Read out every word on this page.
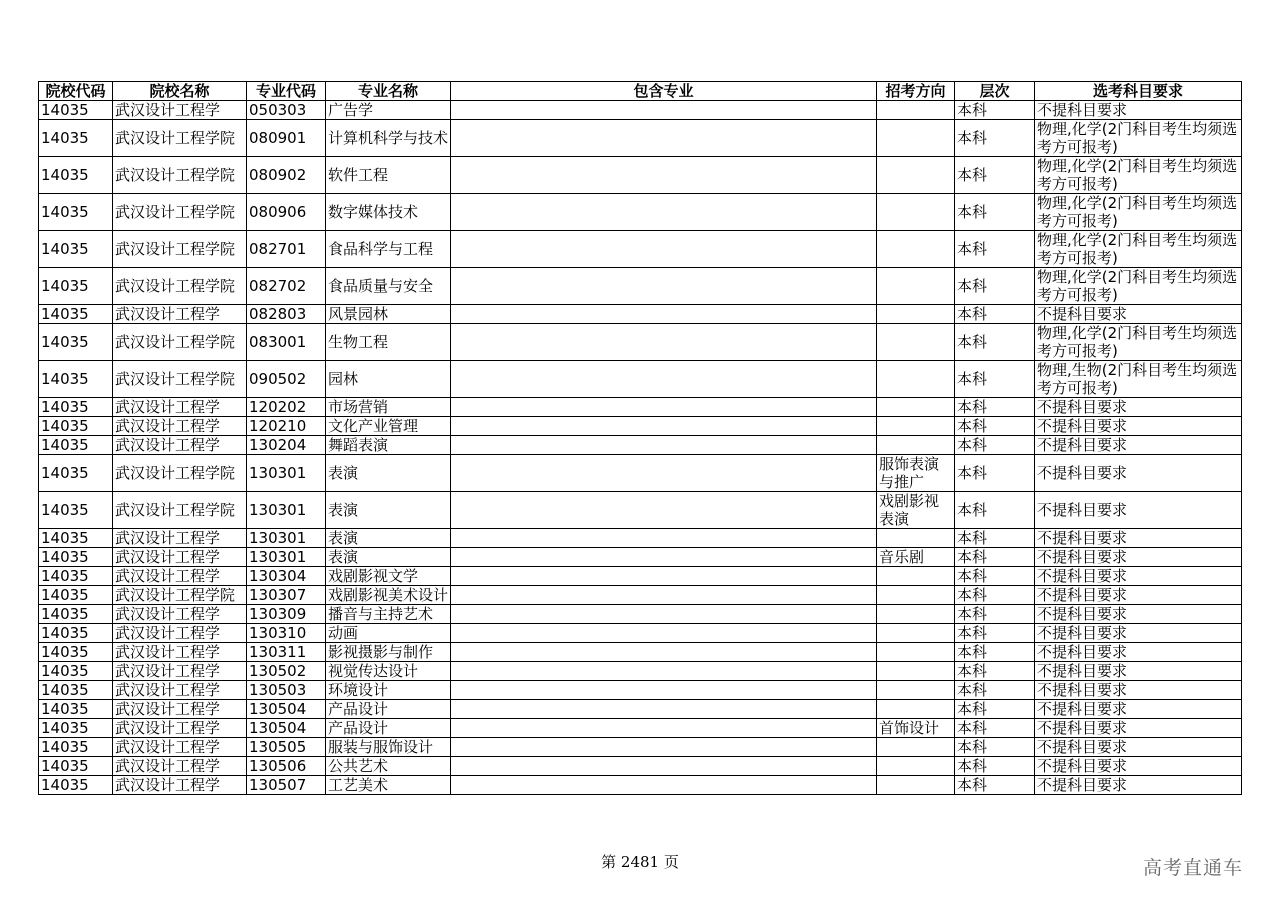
院校代码	院校名称	专业代码	专业名称	包含专业	招考方向	层次	选考科目要求
14035	武汉设计工程学	050303	广告学			本科	不提科目要求
14035	武汉设计工程学院	080901	计算机科学与技术			本科	物理,化学(2门科目考生均须选考方可报考)
14035	武汉设计工程学院	080902	软件工程			本科	物理,化学(2门科目考生均须选考方可报考)
14035	武汉设计工程学院	080906	数字媒体技术			本科	物理,化学(2门科目考生均须选考方可报考)
14035	武汉设计工程学院	082701	食品科学与工程			本科	物理,化学(2门科目考生均须选考方可报考)
14035	武汉设计工程学院	082702	食品质量与安全			本科	物理,化学(2门科目考生均须选考方可报考)
14035	武汉设计工程学	082803	风景园林			本科	不提科目要求
14035	武汉设计工程学院	083001	生物工程			本科	物理,化学(2门科目考生均须选考方可报考)
14035	武汉设计工程学院	090502	园林			本科	物理,生物(2门科目考生均须选考方可报考)
14035	武汉设计工程学	120202	市场营销			本科	不提科目要求
14035	武汉设计工程学	120210	文化产业管理			本科	不提科目要求
14035	武汉设计工程学	130204	舞蹈表演			本科	不提科目要求
14035	武汉设计工程学院	130301	表演		服饰表演与推广	本科	不提科目要求
14035	武汉设计工程学院	130301	表演		戏剧影视表演	本科	不提科目要求
14035	武汉设计工程学	130301	表演			本科	不提科目要求
14035	武汉设计工程学	130301	表演		音乐剧	本科	不提科目要求
14035	武汉设计工程学	130304	戏剧影视文学			本科	不提科目要求
14035	武汉设计工程学院	130307	戏剧影视美术设计			本科	不提科目要求
14035	武汉设计工程学	130309	播音与主持艺术			本科	不提科目要求
14035	武汉设计工程学	130310	动画			本科	不提科目要求
14035	武汉设计工程学	130311	影视摄影与制作			本科	不提科目要求
14035	武汉设计工程学	130502	视觉传达设计			本科	不提科目要求
14035	武汉设计工程学	130503	环境设计			本科	不提科目要求
14035	武汉设计工程学	130504	产品设计			本科	不提科目要求
14035	武汉设计工程学	130504	产品设计		首饰设计	本科	不提科目要求
14035	武汉设计工程学	130505	服装与服饰设计			本科	不提科目要求
14035	武汉设计工程学	130506	公共艺术			本科	不提科目要求
14035	武汉设计工程学	130507	工艺美术			本科	不提科目要求
第 2481 页	高考直通车
